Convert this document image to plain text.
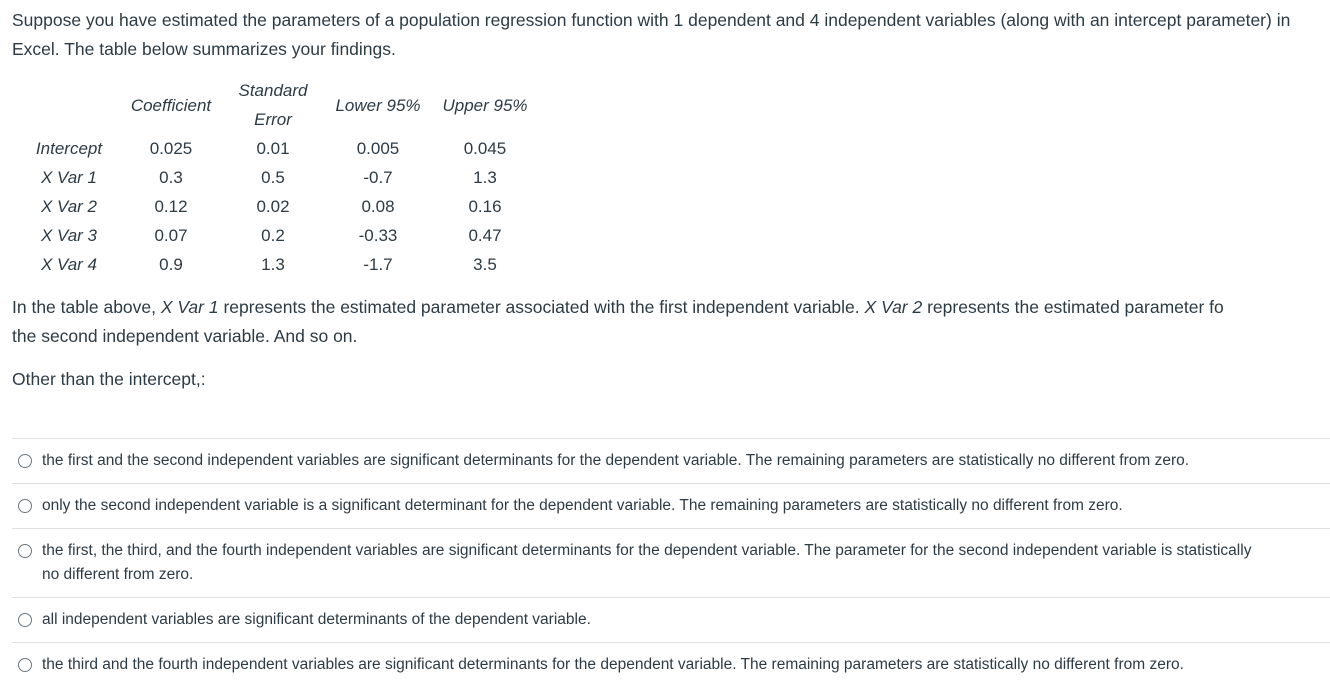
Suppose you have estimated the parameters of a population regression function with 1 dependent and 4 independent variables (along with an intercept parameter) in Excel. The table below summarizes your findings.

	Coefficient	Standard Error	Lower 95%	Upper 95%
Intercept	0.025	0.01	0.005	0.045
X Var 1	0.3	0.5	-0.7	1.3
X Var 2	0.12	0.02	0.08	0.16
X Var 3	0.07	0.2	-0.33	0.47
X Var 4	0.9	1.3	-1.7	3.5

In the table above, X Var 1 represents the estimated parameter associated with the first independent variable. X Var 2 represents the estimated parameter fo

the second independent variable. And so on.

Other than the intercept,:

the first and the second independent variables are significant determinants for the dependent variable. The remaining parameters are statistically no different from zero.
only the second independent variable is a significant determinant for the dependent variable. The remaining parameters are statistically no different from zero.
the first, the third, and the fourth independent variables are significant determinants for the dependent variable. The parameter for the second independent variable is statistically no different from zero.
all independent variables are significant determinants of the dependent variable.
the third and the fourth independent variables are significant determinants for the dependent variable. The remaining parameters are statistically no different from zero.
